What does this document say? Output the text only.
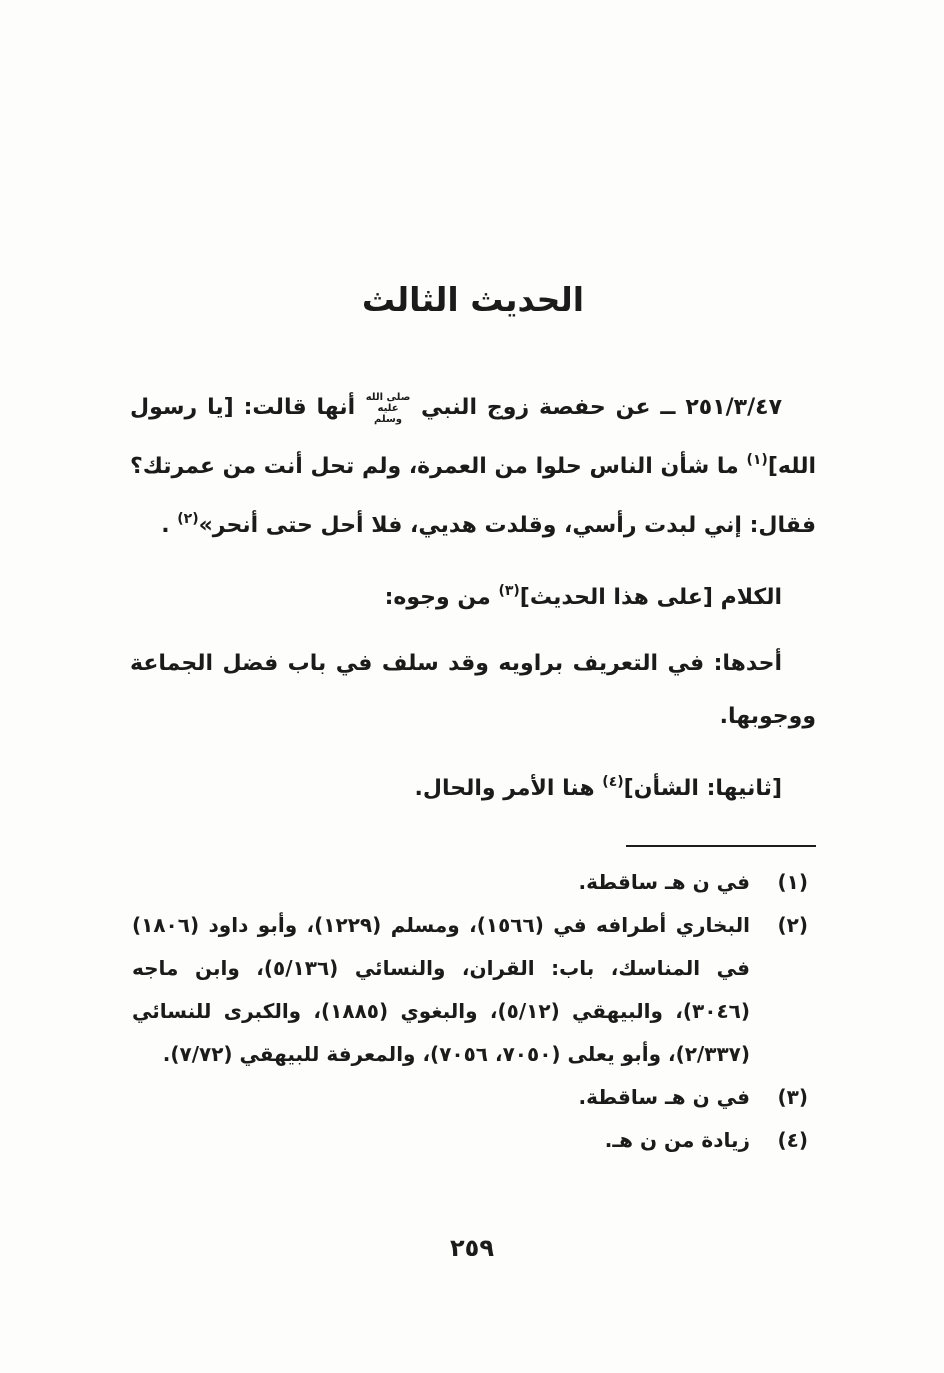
الحديث الثالث

٢٥١/٣/٤٧ ــ عن حفصة زوج النبي صلى الله عليه وسلم أنها قالت: [يا رسول الله]$^{(١)}$ ما شأن الناس حلوا من العمرة، ولم تحل أنت من عمرتك؟ فقال: إني لبدت رأسي، وقلدت هديي، فلا أحل حتى أنحر»$^{(٢)}$ .

الكلام [على هذا الحديث]$^{(٣)}$ من وجوه:

أحدها: في التعريف براويه وقد سلف في باب فضل الجماعة ووجوبها.

[ثانيها: الشأن]$^{(٤)}$ هنا الأمر والحال.

(١)
في ن هـ ساقطة.
(٢)
البخاري أطرافه في (١٥٦٦)، ومسلم (١٢٢٩)، وأبو داود (١٨٠٦) في المناسك، باب: القران، والنسائي (٥/١٣٦)، وابن ماجه (٣٠٤٦)، والبيهقي (٥/١٢)، والبغوي (١٨٨٥)، والكبرى للنسائي (٢/٣٣٧)، وأبو يعلى (٧٠٥٠، ٧٠٥٦)، والمعرفة للبيهقي (٧/٧٢).
(٣)
في ن هـ ساقطة.
(٤)
زيادة من ن هـ.
٢٥٩
